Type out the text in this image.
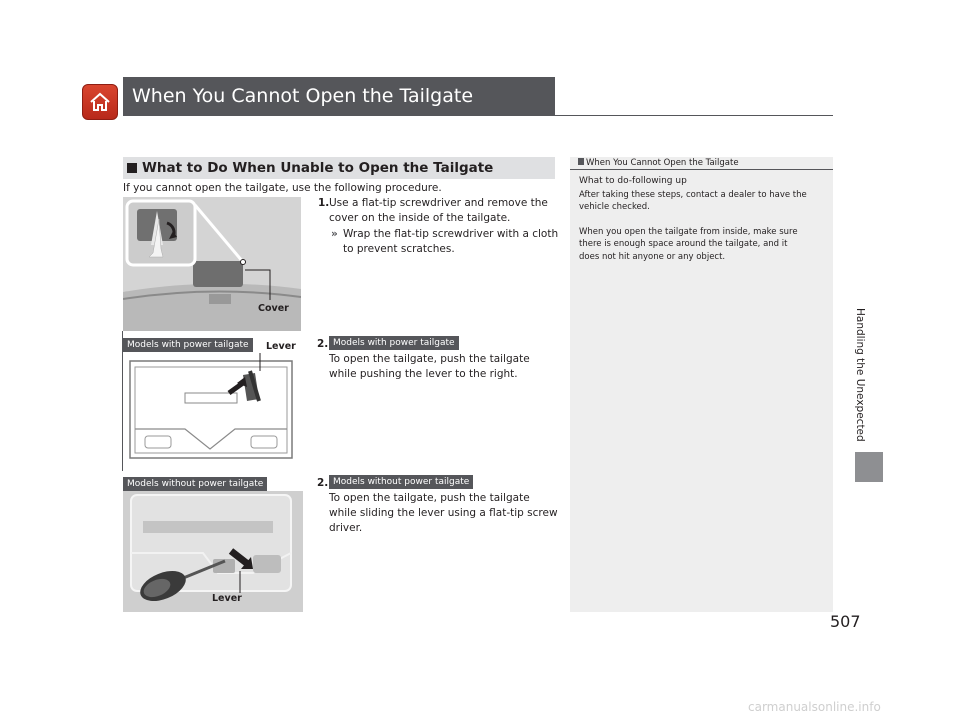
When You Cannot Open the Tailgate
What to Do When Unable to Open the Tailgate
If you cannot open the tailgate, use the following procedure.
Cover
1. Use a flat-tip screwdriver and remove the
cover on the inside of the tailgate.
» Wrap the flat-tip screwdriver with a cloth
to prevent scratches.
Models with power tailgate	Lever 2. Models with power tailgate
To open the tailgate, push the tailgate
while pushing the lever to the right.
Models without power tailgate
Lever
2. Models without power tailgate
To open the tailgate, push the tailgate
while sliding the lever using a flat-tip screw
driver.
When You Cannot Open the Tailgate
What to do-following up

After taking these steps, contact a dealer to have the
vehicle checked.

When you open the tailgate from inside, make sure
there is enough space around the tailgate, and it
does not hit anyone or any object.

Handling the Unexpected
507
carmanualsonline.info
